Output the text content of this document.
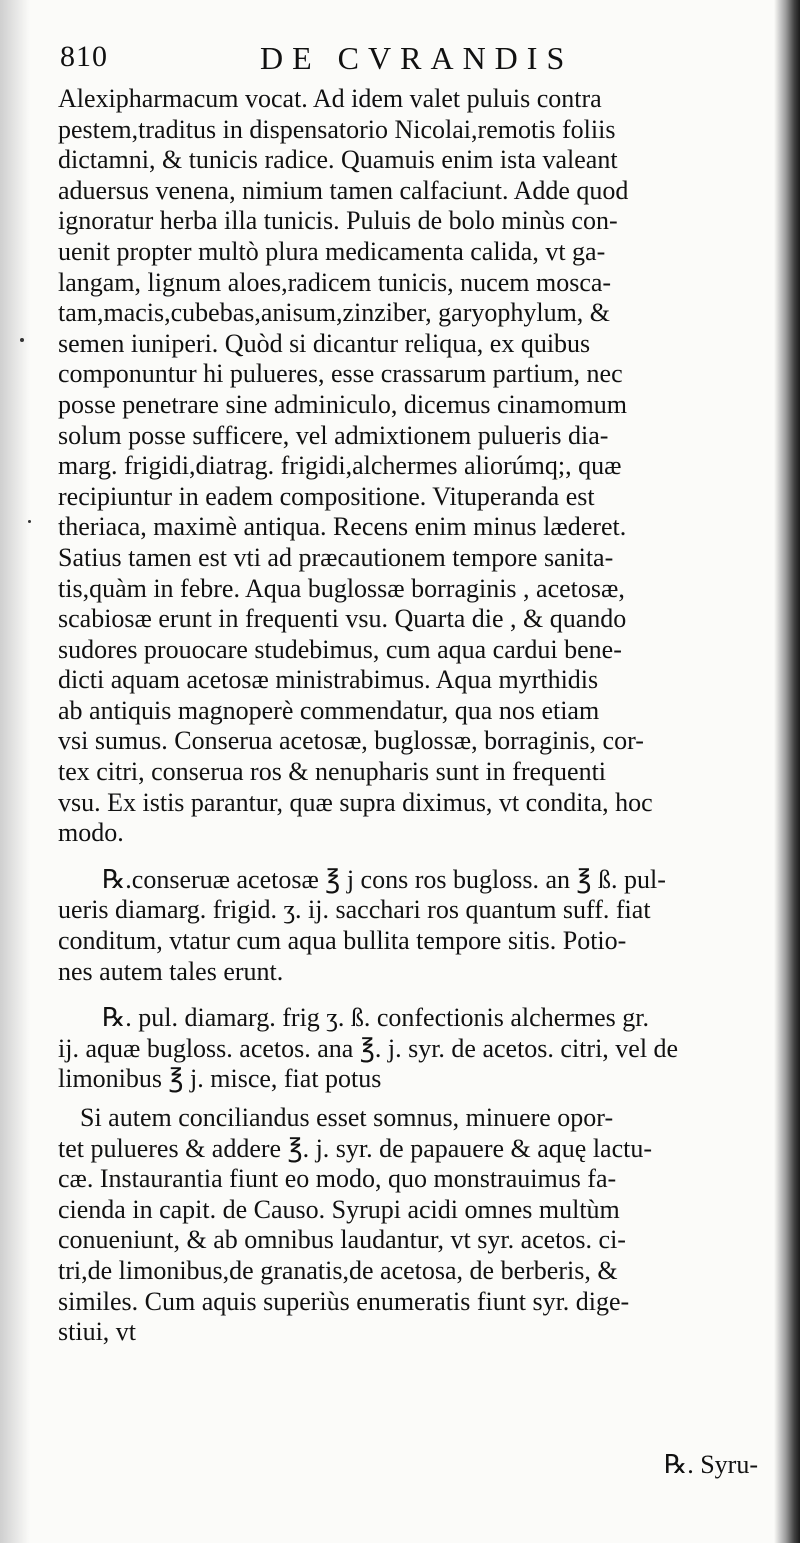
810	DE CVRANDIS
Alexipharmacum vocat. Ad idem valet puluis contra
pestem,traditus in dispensatorio Nicolai,remotis foliis
dictamni, & tunicis radice. Quamuis enim ista valeant
aduersus venena, nimium tamen calfaciunt. Adde quod
ignoratur herba illa tunicis. Puluis de bolo minùs con-
uenit propter multò plura medicamenta calida, vt ga-
langam, lignum aloes,radicem tunicis, nucem mosca-
tam,macis,cubebas,anisum,zinziber, garyophylum, &
semen iuniperi. Quòd si dicantur reliqua, ex quibus
componuntur hi pulueres, esse crassarum partium, nec
posse penetrare sine adminiculo, dicemus cinamomum
solum posse sufficere, vel admixtionem pulueris dia-
marg. frigidi,diatrag. frigidi,alchermes aliorúmq;, quæ
recipiuntur in eadem compositione. Vituperanda est
theriaca, maximè antiqua. Recens enim minus læderet.
Satius tamen est vti ad præcautionem tempore sanita-
tis,quàm in febre. Aqua buglossæ borraginis , acetosæ,
scabiosæ erunt in frequenti vsu. Quarta die , & quando
sudores prouocare studebimus, cum aqua cardui bene-
dicti aquam acetosæ ministrabimus. Aqua myrthidis
ab antiquis magnoperè commendatur, qua nos etiam
vsi sumus. Conserua acetosæ, buglossæ, borraginis, cor-
tex citri, conserua ros & nenupharis sunt in frequenti
vsu. Ex istis parantur, quæ supra diximus, vt condita, hoc
modo.
℞.conseruæ acetosæ ℥ j cons ros bugloss. an ℥ ß. pul-
ueris diamarg. frigid. ʒ. ij. sacchari ros quantum suff. fiat
conditum, vtatur cum aqua bullita tempore sitis. Potio-
nes autem tales erunt.
℞. pul. diamarg. frig ʒ. ß. confectionis alchermes gr.
ij. aquæ bugloss. acetos. ana ℥. j. syr. de acetos. citri, vel de
limonibus ℥ j. misce, fiat potus
Si autem conciliandus esset somnus, minuere opor-
tet pulueres & addere ℥. j. syr. de papauere & aquę lactu-
cæ. Instaurantia fiunt eo modo, quo monstrauimus fa-
cienda in capit. de Causo. Syrupi acidi omnes multùm
conueniunt, & ab omnibus laudantur, vt syr. acetos. ci-
tri,de limonibus,de granatis,de acetosa, de berberis, &
similes. Cum aquis superiùs enumeratis fiunt syr. dige-
stiui, vt
℞. Syru-
